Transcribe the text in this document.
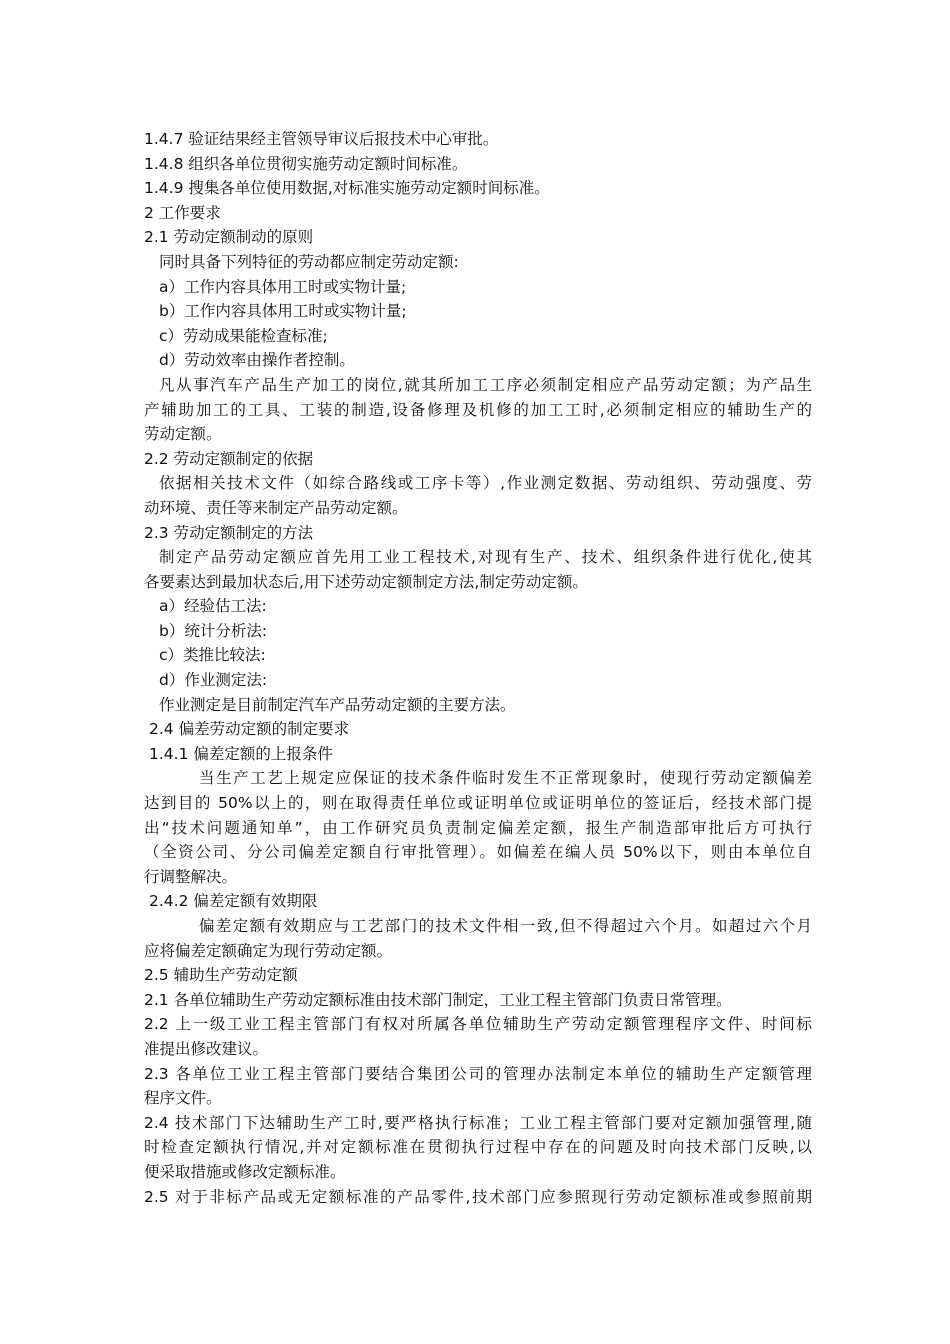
1.4.7 验证结果经主管领导审议后报技术中心审批。
1.4.8 组织各单位贯彻实施劳动定额时间标准。
1.4.9 搜集各单位使用数据,对标准实施劳动定额时间标准。
2 工作要求
2.1 劳动定额制动的原则
同时具备下列特征的劳动都应制定劳动定额:
a）工作内容具体用工时或实物计量;
b）工作内容具体用工时或实物计量;
c）劳动成果能检查标准;
d）劳动效率由操作者控制。
凡从事汽车产品生产加工的岗位,就其所加工工序必须制定相应产品劳动定额；为产品生
产辅助加工的工具、工装的制造,设备修理及机修的加工工时,必须制定相应的辅助生产的
劳动定额。
2.2 劳动定额制定的依据
依据相关技术文件（如综合路线或工序卡等）,作业测定数据、劳动组织、劳动强度、劳
动环境、责任等来制定产品劳动定额。
2.3 劳动定额制定的方法
制定产品劳动定额应首先用工业工程技术,对现有生产、技术、组织条件进行优化,使其
各要素达到最加状态后,用下述劳动定额制定方法,制定劳动定额。
a）经验估工法:
b）统计分析法:
c）类推比较法:
d）作业测定法:
作业测定是目前制定汽车产品劳动定额的主要方法。
2.4 偏差劳动定额的制定要求
1.4.1 偏差定额的上报条件
当生产工艺上规定应保证的技术条件临时发生不正常现象时，使现行劳动定额偏差
达到目的 50%以上的，则在取得责任单位或证明单位或证明单位的签证后，经技术部门提
出“技术问题通知单”，由工作研究员负责制定偏差定额，报生产制造部审批后方可执行
（全资公司、分公司偏差定额自行审批管理）。如偏差在编人员 50%以下，则由本单位自
行调整解决。
2.4.2 偏差定额有效期限
偏差定额有效期应与工艺部门的技术文件相一致,但不得超过六个月。如超过六个月
应将偏差定额确定为现行劳动定额。
2.5 辅助生产劳动定额
2.1 各单位辅助生产劳动定额标准由技术部门制定，工业工程主管部门负责日常管理。
2.2 上一级工业工程主管部门有权对所属各单位辅助生产劳动定额管理程序文件、时间标
准提出修改建议。
2.3 各单位工业工程主管部门要结合集团公司的管理办法制定本单位的辅助生产定额管理
程序文件。
2.4 技术部门下达辅助生产工时,要严格执行标准；工业工程主管部门要对定额加强管理,随
时检查定额执行情况,并对定额标准在贯彻执行过程中存在的问题及时向技术部门反映,以
便采取措施或修改定额标准。
2.5 对于非标产品或无定额标准的产品零件,技术部门应参照现行劳动定额标准或参照前期
